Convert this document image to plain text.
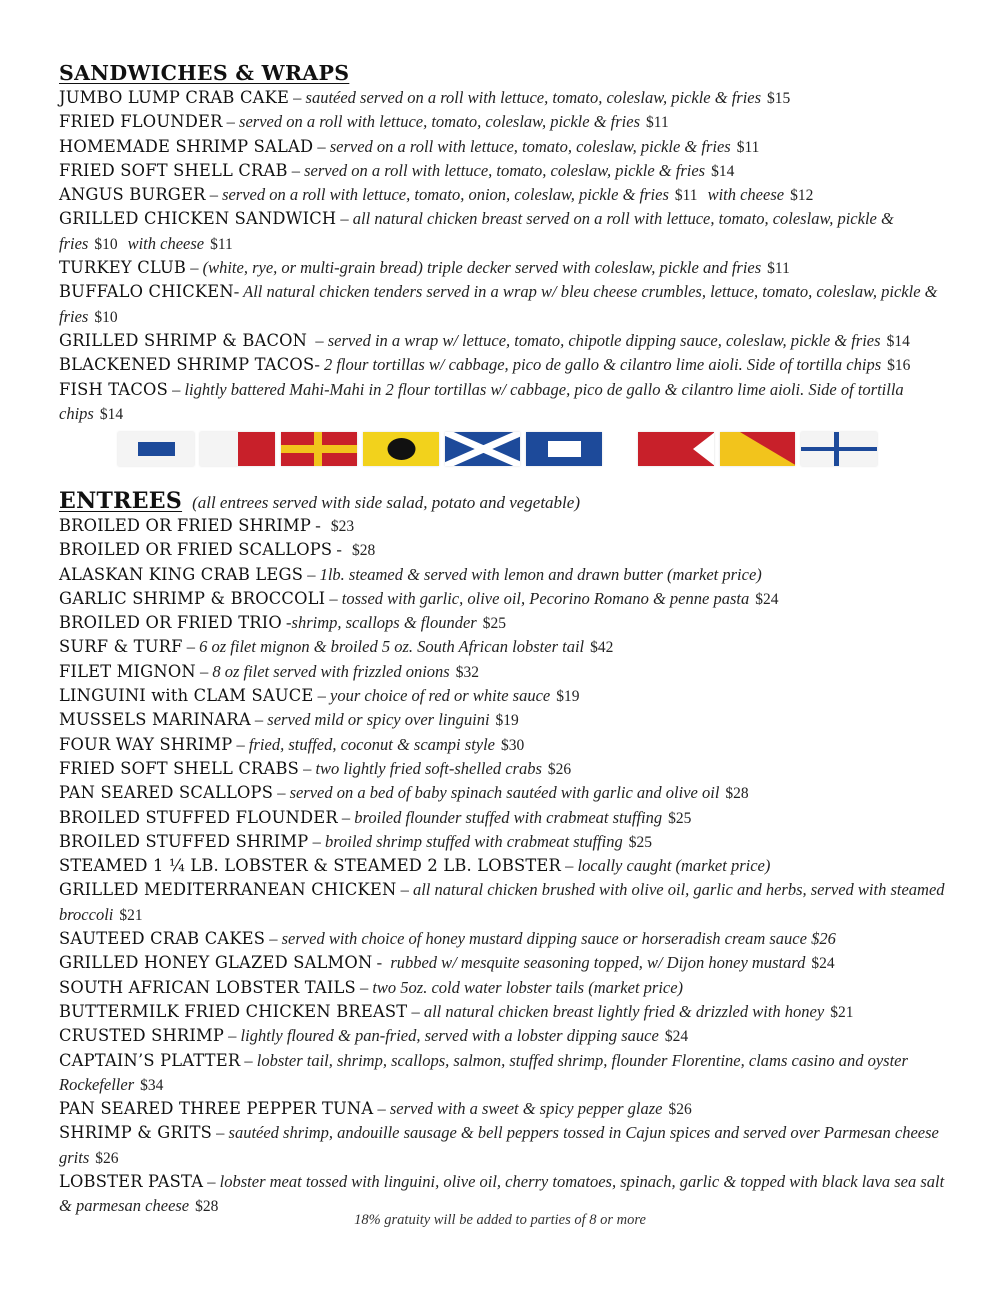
SANDWICHES & WRAPS

JUMBO LUMP CRAB CAKE – sautéed served on a roll with lettuce, tomato, coleslaw, pickle & fries $15

FRIED FLOUNDER – served on a roll with lettuce, tomato, coleslaw, pickle & fries $11

HOMEMADE SHRIMP SALAD – served on a roll with lettuce, tomato, coleslaw, pickle & fries $11

FRIED SOFT SHELL CRAB – served on a roll with lettuce, tomato, coleslaw, pickle & fries $14

ANGUS BURGER – served on a roll with lettuce, tomato, onion, coleslaw, pickle & fries $11 with cheese $12

GRILLED CHICKEN SANDWICH – all natural chicken breast served on a roll with lettuce, tomato, coleslaw, pickle & fries $10 with cheese $11

TURKEY CLUB – (white, rye, or multi-grain bread) triple decker served with coleslaw, pickle and fries $11

BUFFALO CHICKEN- All natural chicken tenders served in a wrap w/ bleu cheese crumbles, lettuce, tomato, coleslaw, pickle & fries $10

GRILLED SHRIMP & BACON  – served in a wrap w/ lettuce, tomato, chipotle dipping sauce, coleslaw, pickle & fries $14

BLACKENED SHRIMP TACOS- 2 flour tortillas w/ cabbage, pico de gallo & cilantro lime aioli. Side of tortilla chips $16

FISH TACOS – lightly battered Mahi-Mahi in 2 flour tortillas w/ cabbage, pico de gallo & cilantro lime aioli. Side of tortilla chips $14

ENTREES (all entrees served with side salad, potato and vegetable)

BROILED OR FRIED SHRIMP - $23

BROILED OR FRIED SCALLOPS - $28

ALASKAN KING CRAB LEGS – 1lb. steamed & served with lemon and drawn butter (market price)

GARLIC SHRIMP & BROCCOLI – tossed with garlic, olive oil, Pecorino Romano & penne pasta $24

BROILED OR FRIED TRIO -shrimp, scallops & flounder $25

SURF & TURF – 6 oz filet mignon & broiled 5 oz. South African lobster tail $42

FILET MIGNON – 8 oz filet served with frizzled onions $32

LINGUINI with CLAM SAUCE – your choice of red or white sauce $19

MUSSELS MARINARA – served mild or spicy over linguini $19

FOUR WAY SHRIMP – fried, stuffed, coconut & scampi style $30

FRIED SOFT SHELL CRABS – two lightly fried soft-shelled crabs $26

PAN SEARED SCALLOPS – served on a bed of baby spinach sautéed with garlic and olive oil $28

BROILED STUFFED FLOUNDER – broiled flounder stuffed with crabmeat stuffing $25

BROILED STUFFED SHRIMP – broiled shrimp stuffed with crabmeat stuffing $25

STEAMED 1 ¼ LB. LOBSTER & STEAMED 2 LB. LOBSTER – locally caught (market price)

GRILLED MEDITERRANEAN CHICKEN – all natural chicken brushed with olive oil, garlic and herbs, served with steamed broccoli $21

SAUTEED CRAB CAKES – served with choice of honey mustard dipping sauce or horseradish cream sauce $26

GRILLED HONEY GLAZED SALMON -  rubbed w/ mesquite seasoning topped, w/ Dijon honey mustard $24

SOUTH AFRICAN LOBSTER TAILS – two 5oz. cold water lobster tails (market price)

BUTTERMILK FRIED CHICKEN BREAST – all natural chicken breast lightly fried & drizzled with honey $21

CRUSTED SHRIMP – lightly floured & pan-fried, served with a lobster dipping sauce $24

CAPTAIN’S PLATTER – lobster tail, shrimp, scallops, salmon, stuffed shrimp, flounder Florentine, clams casino and oyster Rockefeller $34

PAN SEARED THREE PEPPER TUNA – served with a sweet & spicy pepper glaze $26

SHRIMP & GRITS – sautéed shrimp, andouille sausage & bell peppers tossed in Cajun spices and served over Parmesan cheese grits $26

LOBSTER PASTA – lobster meat tossed with linguini, olive oil, cherry tomatoes, spinach, garlic & topped with black lava sea salt & parmesan cheese $28

18% gratuity will be added to parties of 8 or more
